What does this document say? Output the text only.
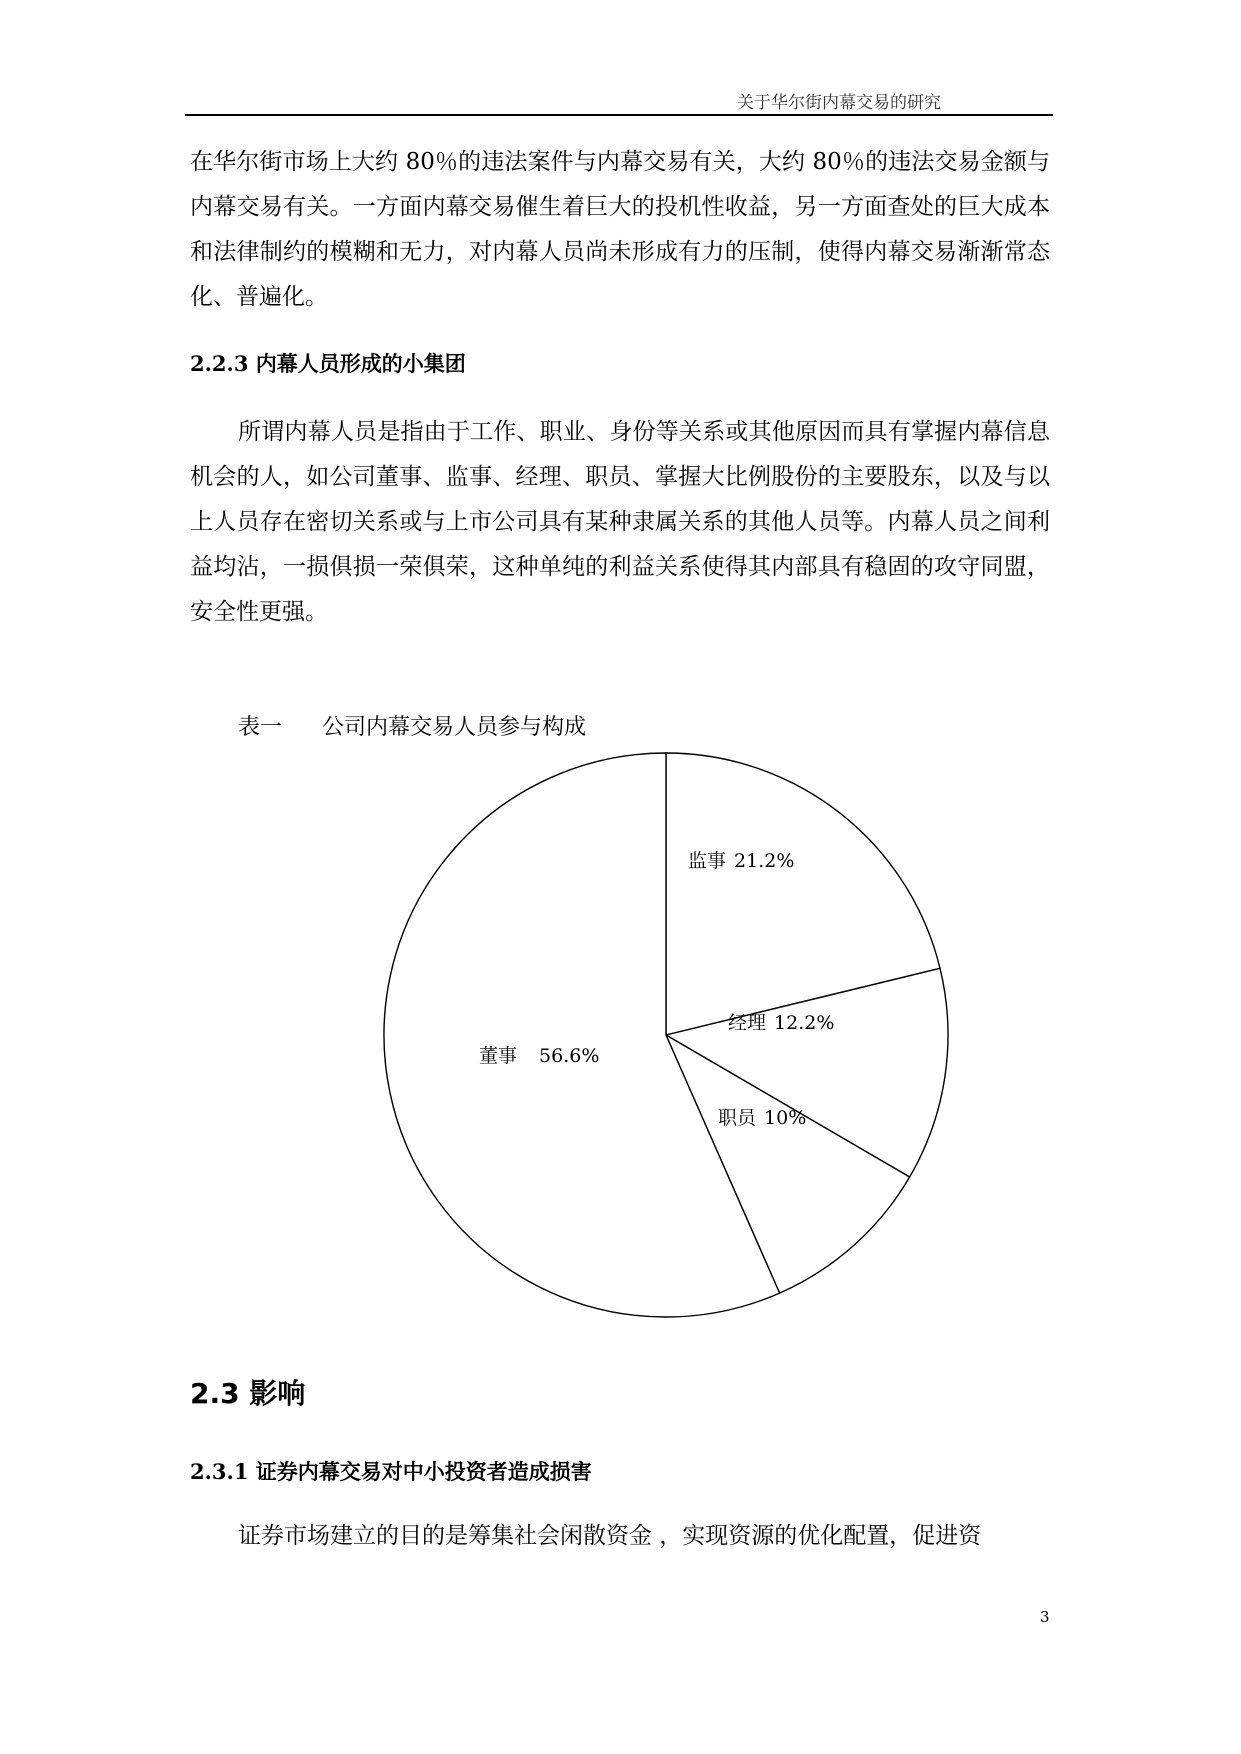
关于华尔街内幕交易的研究

在华尔街市场上大约 80％的违法案件与内幕交易有关，大约 80％的违法交易金额与内幕交易有关。一方面内幕交易催生着巨大的投机性收益，另一方面查处的巨大成本和法律制约的模糊和无力，对内幕人员尚未形成有力的压制，使得内幕交易渐渐常态化、普遍化。

2.2.3 内幕人员形成的小集团

所谓内幕人员是指由于工作、职业、身份等关系或其他原因而具有掌握内幕信息机会的人，如公司董事、监事、经理、职员、掌握大比例股份的主要股东，以及与以上人员存在密切关系或与上市公司具有某种隶属关系的其他人员等。内幕人员之间利益均沾，一损俱损一荣俱荣，这种单纯的利益关系使得其内部具有稳固的攻守同盟，安全性更强。

表一 公司内幕交易人员参与构成

监事 21.2%
经理 12.2%
职员 10%
董事 56.6%

2.3 影响

2.3.1 证券内幕交易对中小投资者造成损害

证券市场建立的目的是筹集社会闲散资金 ，实现资源的优化配置，促进资

3
